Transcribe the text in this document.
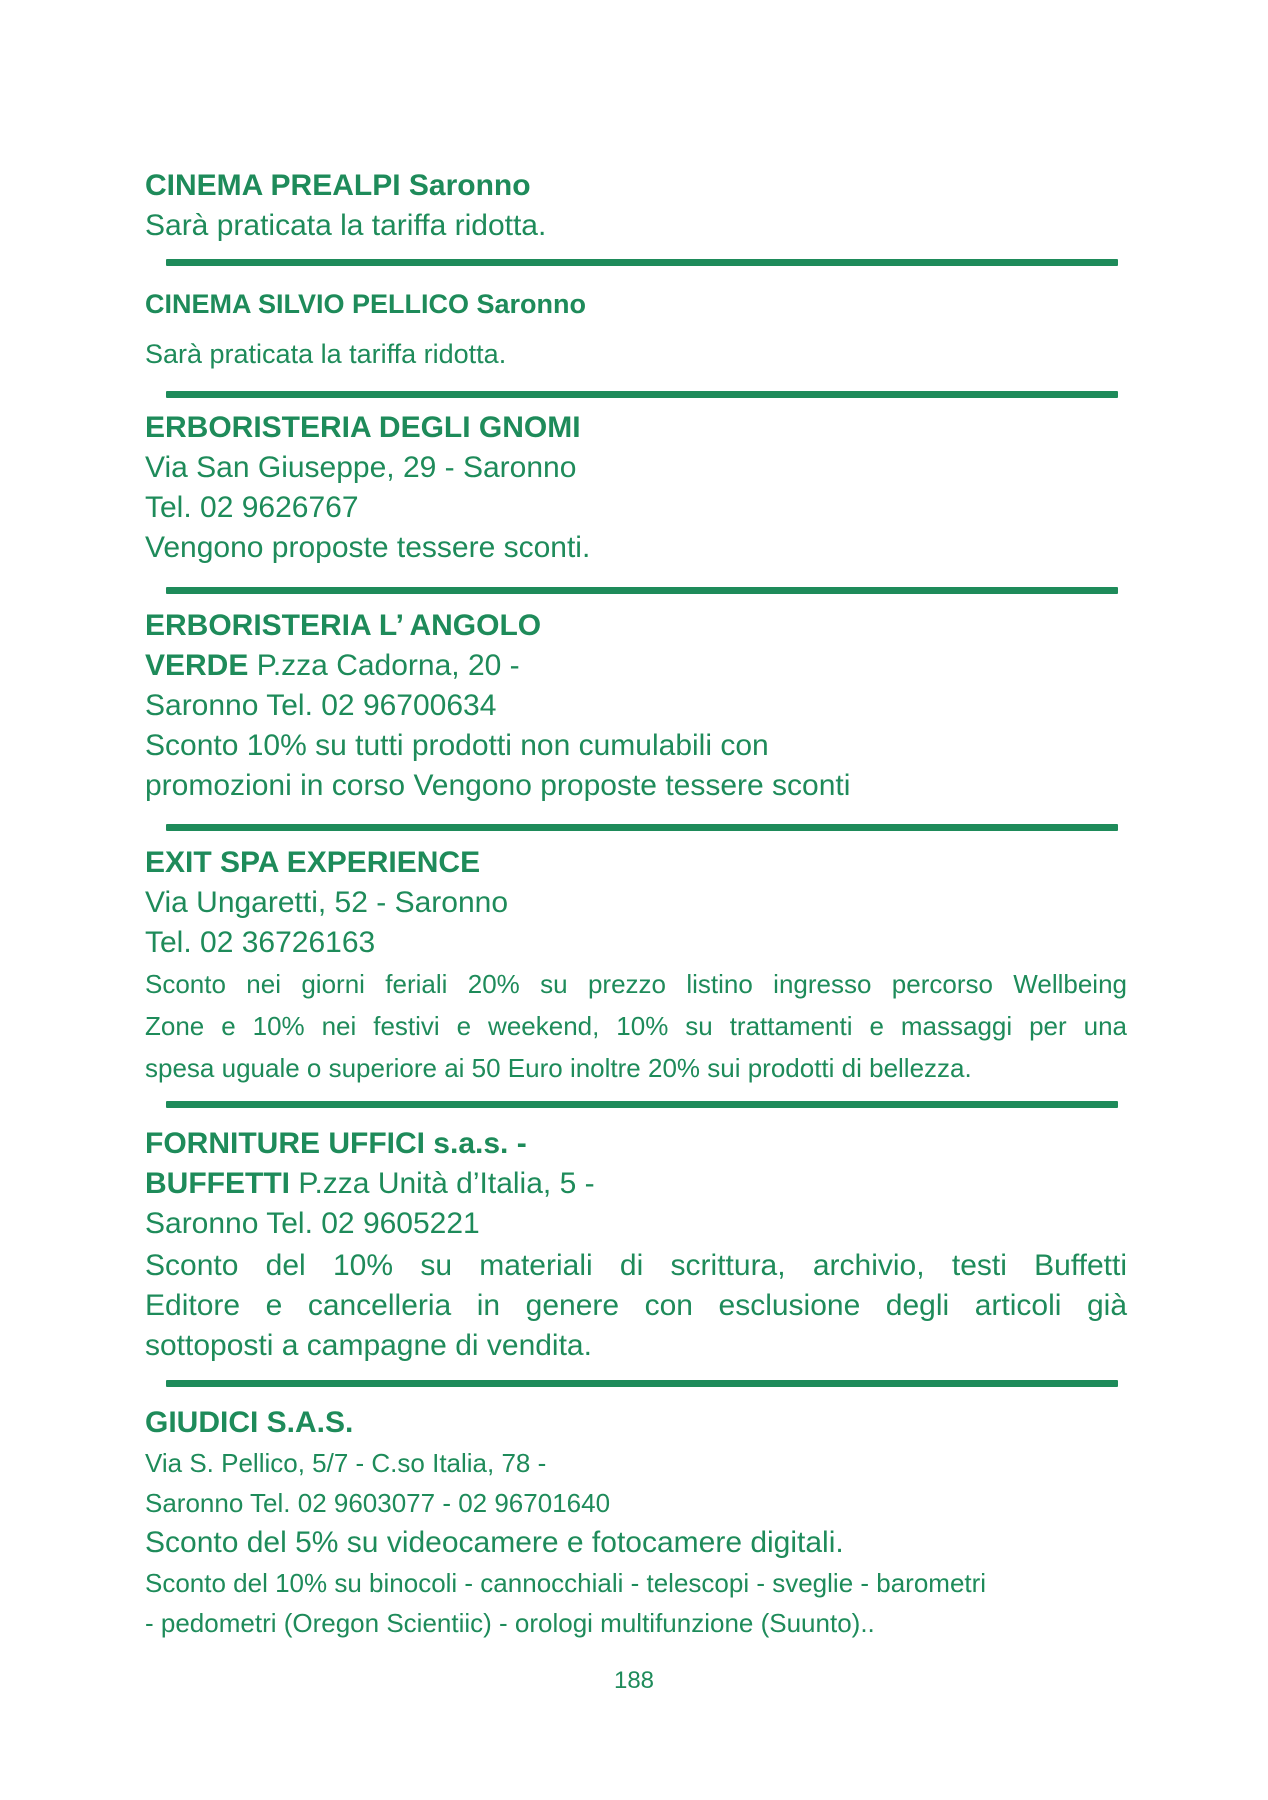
CINEMA PREALPI Saronno
Sarà praticata la tariffa ridotta.
CINEMA SILVIO PELLICO Saronno
Sarà praticata la tariffa ridotta.
ERBORISTERIA DEGLI GNOMI
Via San Giuseppe, 29 - Saronno
Tel. 02 9626767
Vengono proposte tessere sconti.
ERBORISTERIA L’ ANGOLO
VERDE P.zza Cadorna, 20 -
Saronno Tel. 02 96700634
Sconto 10% su tutti prodotti non cumulabili con
promozioni in corso Vengono proposte tessere sconti
EXIT SPA EXPERIENCE
Via Ungaretti, 52 - Saronno
Tel. 02 36726163
Sconto nei giorni feriali 20% su prezzo listino ingresso percorso Wellbeing
Zone e 10% nei festivi e weekend, 10% su trattamenti e massaggi per una
spesa uguale o superiore ai 50 Euro inoltre 20% sui prodotti di bellezza.
FORNITURE UFFICI s.a.s. -
BUFFETTI P.zza Unità d’Italia, 5 -
Saronno Tel. 02 9605221
Sconto del 10% su materiali di scrittura, archivio, testi Buffetti
Editore e cancelleria in genere con esclusione degli articoli già
sottoposti a campagne di vendita.
GIUDICI S.A.S.
Via S. Pellico, 5/7 - C.so Italia, 78 -
Saronno Tel. 02 9603077 - 02 96701640
Sconto del 5% su videocamere e fotocamere digitali.
Sconto del 10% su binocoli - cannocchiali - telescopi - sveglie - barometri
- pedometri (Oregon Scientiic) - orologi multifunzione (Suunto)..
188
